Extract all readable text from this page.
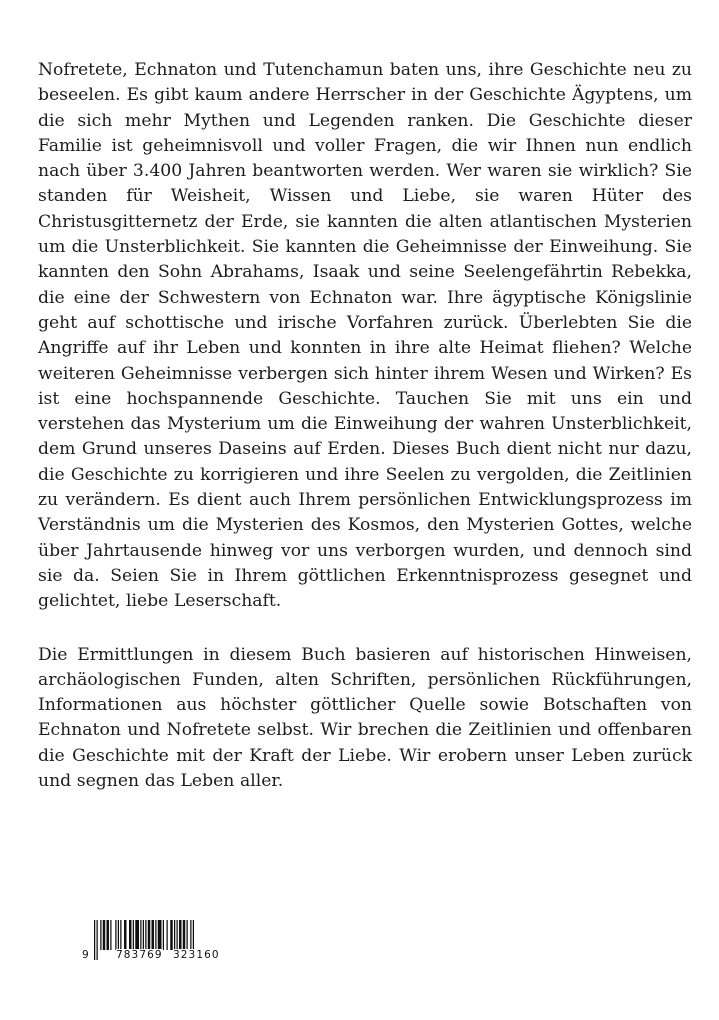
Nofretete, Echnaton und Tutenchamun baten uns, ihre Geschichte neu zu beseelen. Es gibt kaum andere Herrscher in der Geschichte Ägyptens, um die sich mehr Mythen und Legenden ranken. Die Geschichte dieser Familie ist geheimnisvoll und voller Fragen, die wir Ihnen nun endlich nach über 3.400 Jahren beantworten werden. Wer waren sie wirklich? Sie standen für Weisheit, Wissen und Liebe, sie waren Hüter des Christusgitternetz der Erde, sie kannten die alten atlantischen Mysterien um die Unsterblichkeit. Sie kannten die Geheimnisse der Einweihung. Sie kannten den Sohn Abrahams, Isaak und seine Seelengefährtin Rebekka, die eine der Schwestern von Echnaton war. Ihre ägyptische Königslinie geht auf schottische und irische Vorfahren zurück. Überlebten Sie die Angriffe auf ihr Leben und konnten in ihre alte Heimat fliehen? Welche weiteren Geheimnisse verbergen sich hinter ihrem Wesen und Wirken? Es ist eine hochspannende Geschichte. Tauchen Sie mit uns ein und verstehen das Mysterium um die Einweihung der wahren Unsterblichkeit, dem Grund unseres Daseins auf Erden. Dieses Buch dient nicht nur dazu, die Geschichte zu korrigieren und ihre Seelen zu vergolden, die Zeitlinien zu verändern. Es dient auch Ihrem persönlichen Entwicklungsprozess im Verständnis um die Mysterien des Kosmos, den Mysterien Gottes, welche über Jahrtausende hinweg vor uns verborgen wurden, und dennoch sind sie da. Seien Sie in Ihrem göttlichen Erkenntnisprozess gesegnet und gelichtet, liebe Leserschaft.

Die Ermittlungen in diesem Buch basieren auf historischen Hinweisen, archäologischen Funden, alten Schriften, persönlichen Rückführungen, Informationen aus höchster göttlicher Quelle sowie Botschaften von Echnaton und Nofretete selbst. Wir brechen die Zeitlinien und offenbaren die Geschichte mit der Kraft der Liebe. Wir erobern unser Leben zurück und segnen das Leben aller.

9 783769 323160
